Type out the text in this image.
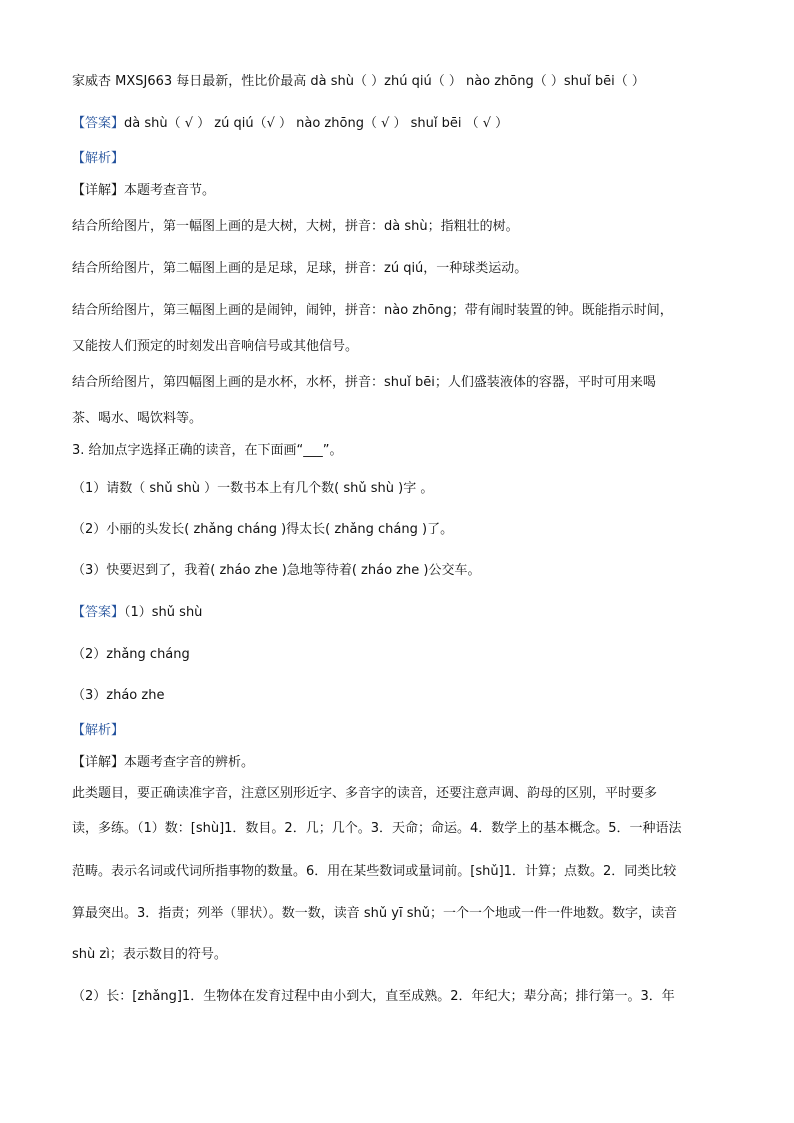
家威杏 MXSJ663 每日最新，性比价最高 dà shù（ ）zhú qiú（ ） nào zhōng（ ）shuǐ bēi（ ）
【答案】dà shù（ √ ） zú qiú（√ ） nào zhōng（ √ ） shuǐ bēi （ √ ）
【解析】
【详解】本题考查音节。
结合所给图片，第一幅图上画的是大树，大树，拼音：dà shù；指粗壮的树。
结合所给图片，第二幅图上画的是足球，足球，拼音：zú qiú，一种球类运动。
结合所给图片，第三幅图上画的是闹钟，闹钟，拼音：nào zhōng；带有闹时装置的钟。既能指示时间，
又能按人们预定的时刻发出音响信号或其他信号。
结合所给图片，第四幅图上画的是水杯，水杯，拼音：shuǐ bēi；人们盛装液体的容器，平时可用来喝
茶、喝水、喝饮料等。
3. 给加点字选择正确的读音，在下面画“___”。
（1）请数（ shǔ shù ）一数书本上有几个数( shǔ shù )字 。
（2）小丽的头发长( zhǎng cháng )得太长( zhǎng cháng )了。
（3）快要迟到了，我着( zháo zhe )急地等待着( zháo zhe )公交车。
【答案】（1）shǔ shù
（2）zhǎng cháng
（3）zháo zhe
【解析】
【详解】本题考查字音的辨析。
此类题目，要正确读准字音，注意区别形近字、多音字的读音，还要注意声调、韵母的区别，平时要多
读，多练。（1）数：[shù]1．数目。2．几；几个。3．天命；命运。4．数学上的基本概念。5．一种语法
范畴。表示名词或代词所指事物的数量。6．用在某些数词或量词前。[shǔ]1．计算；点数。2．同类比较
算最突出。3．指责；列举（罪状）。数一数，读音 shǔ yī shǔ；一个一个地或一件一件地数。数字，读音
shù zì；表示数目的符号。
（2）长：[zhǎng]1．生物体在发育过程中由小到大，直至成熟。2．年纪大；辈分高；排行第一。3．年
